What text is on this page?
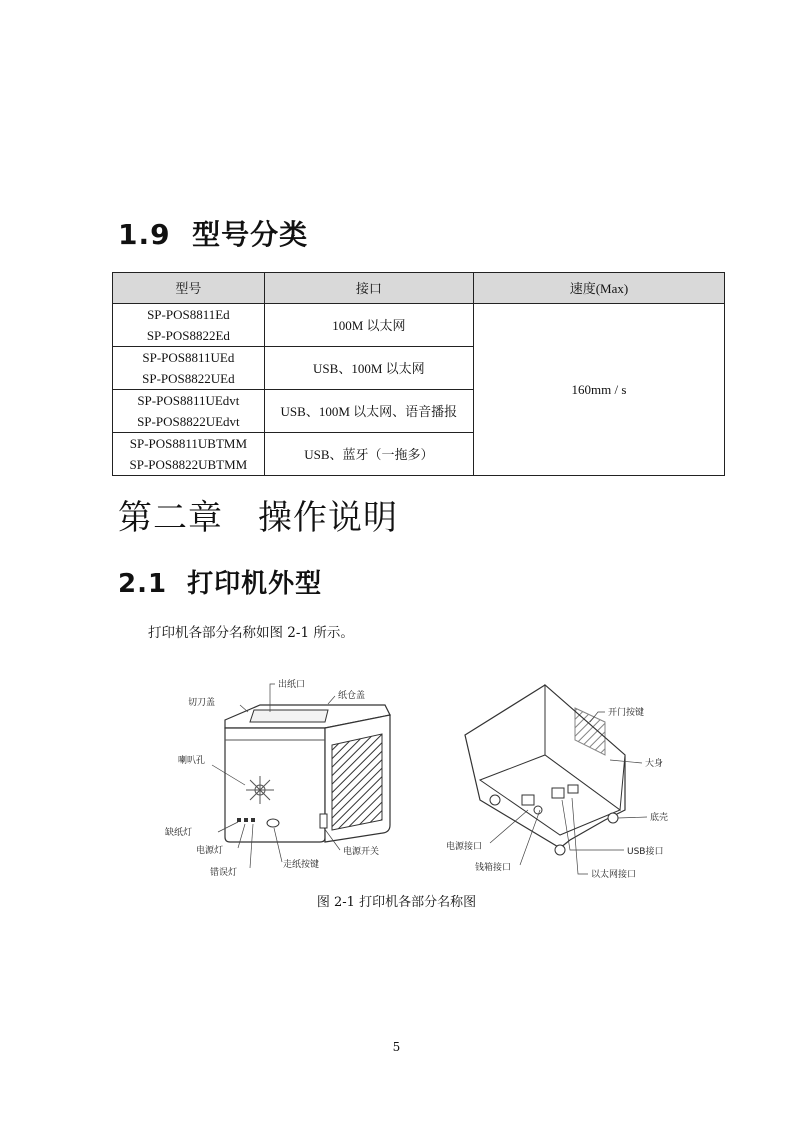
1.9 型号分类
型号	接口	速度(Max)

SP-POS8811Ed
SP-POS8822Ed	100M 以太网	160mm / s

SP-POS8811UEd
SP-POS8822UEd	USB、100M 以太网	

SP-POS8811UEdvt
SP-POS8822UEdvt	USB、100M 以太网、语音播报	

SP-POS8811UBTMM
SP-POS8822UBTMM	USB、蓝牙（一拖多）	
第二章　操作说明
2.1 打印机外型
打印机各部分名称如图 2-1 所示。
出纸口
切刀盖
纸仓盖
喇叭孔
缺纸灯
电源灯
错误灯
走纸按键
电源开关
开门按键
大身
底壳
电源接口
钱箱接口
USB接口
以太网接口
图 2-1 打印机各部分名称图
5
